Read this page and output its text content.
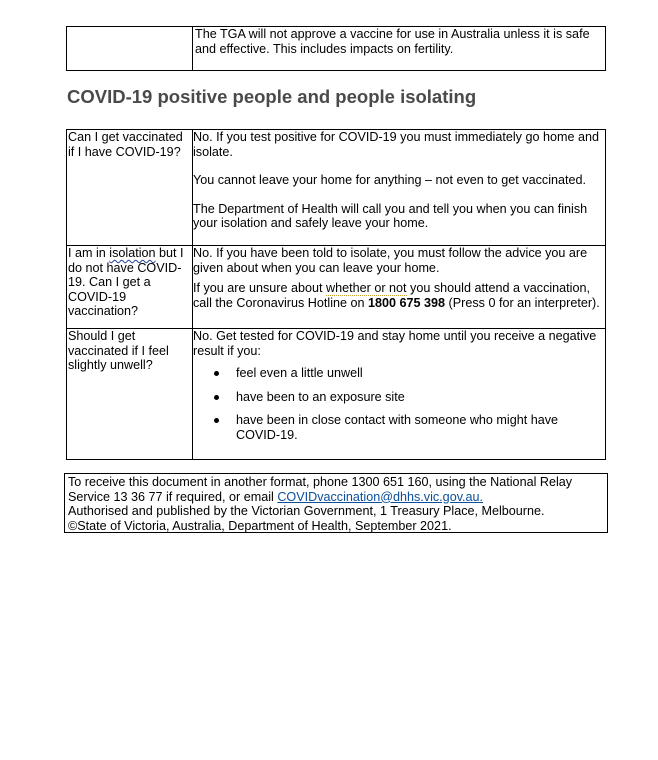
The TGA will not approve a vaccine for use in Australia unless it is safe and effective. This includes impacts on fertility.
COVID-19 positive people and people isolating
Can I get vaccinated if I have COVID-19?

No. If you test positive for COVID-19 you must immediately go home and isolate.

You cannot leave your home for anything – not even to get vaccinated.

The Department of Health will call you and tell you when you can finish your isolation and safely leave your home.

I am in isolation but I do not have COVID-19. Can I get a COVID-19 vaccination?

No. If you have been told to isolate, you must follow the advice you are given about when you can leave your home.

If you are unsure about whether or not you should attend a vaccination, call the Coronavirus Hotline on 1800 675 398 (Press 0 for an interpreter).

Should I get vaccinated if I feel slightly unwell?

No. Get tested for COVID-19 and stay home until you receive a negative result if you:

feel even a little unwell
have been to an exposure site
have been in close contact with someone who might have COVID-19.

To receive this document in another format, phone 1300 651 160, using the National Relay Service 13 36 77 if required, or email COVIDvaccination@dhhs.vic.gov.au.

Authorised and published by the Victorian Government, 1 Treasury Place, Melbourne.

©State of Victoria, Australia, Department of Health, September 2021.
